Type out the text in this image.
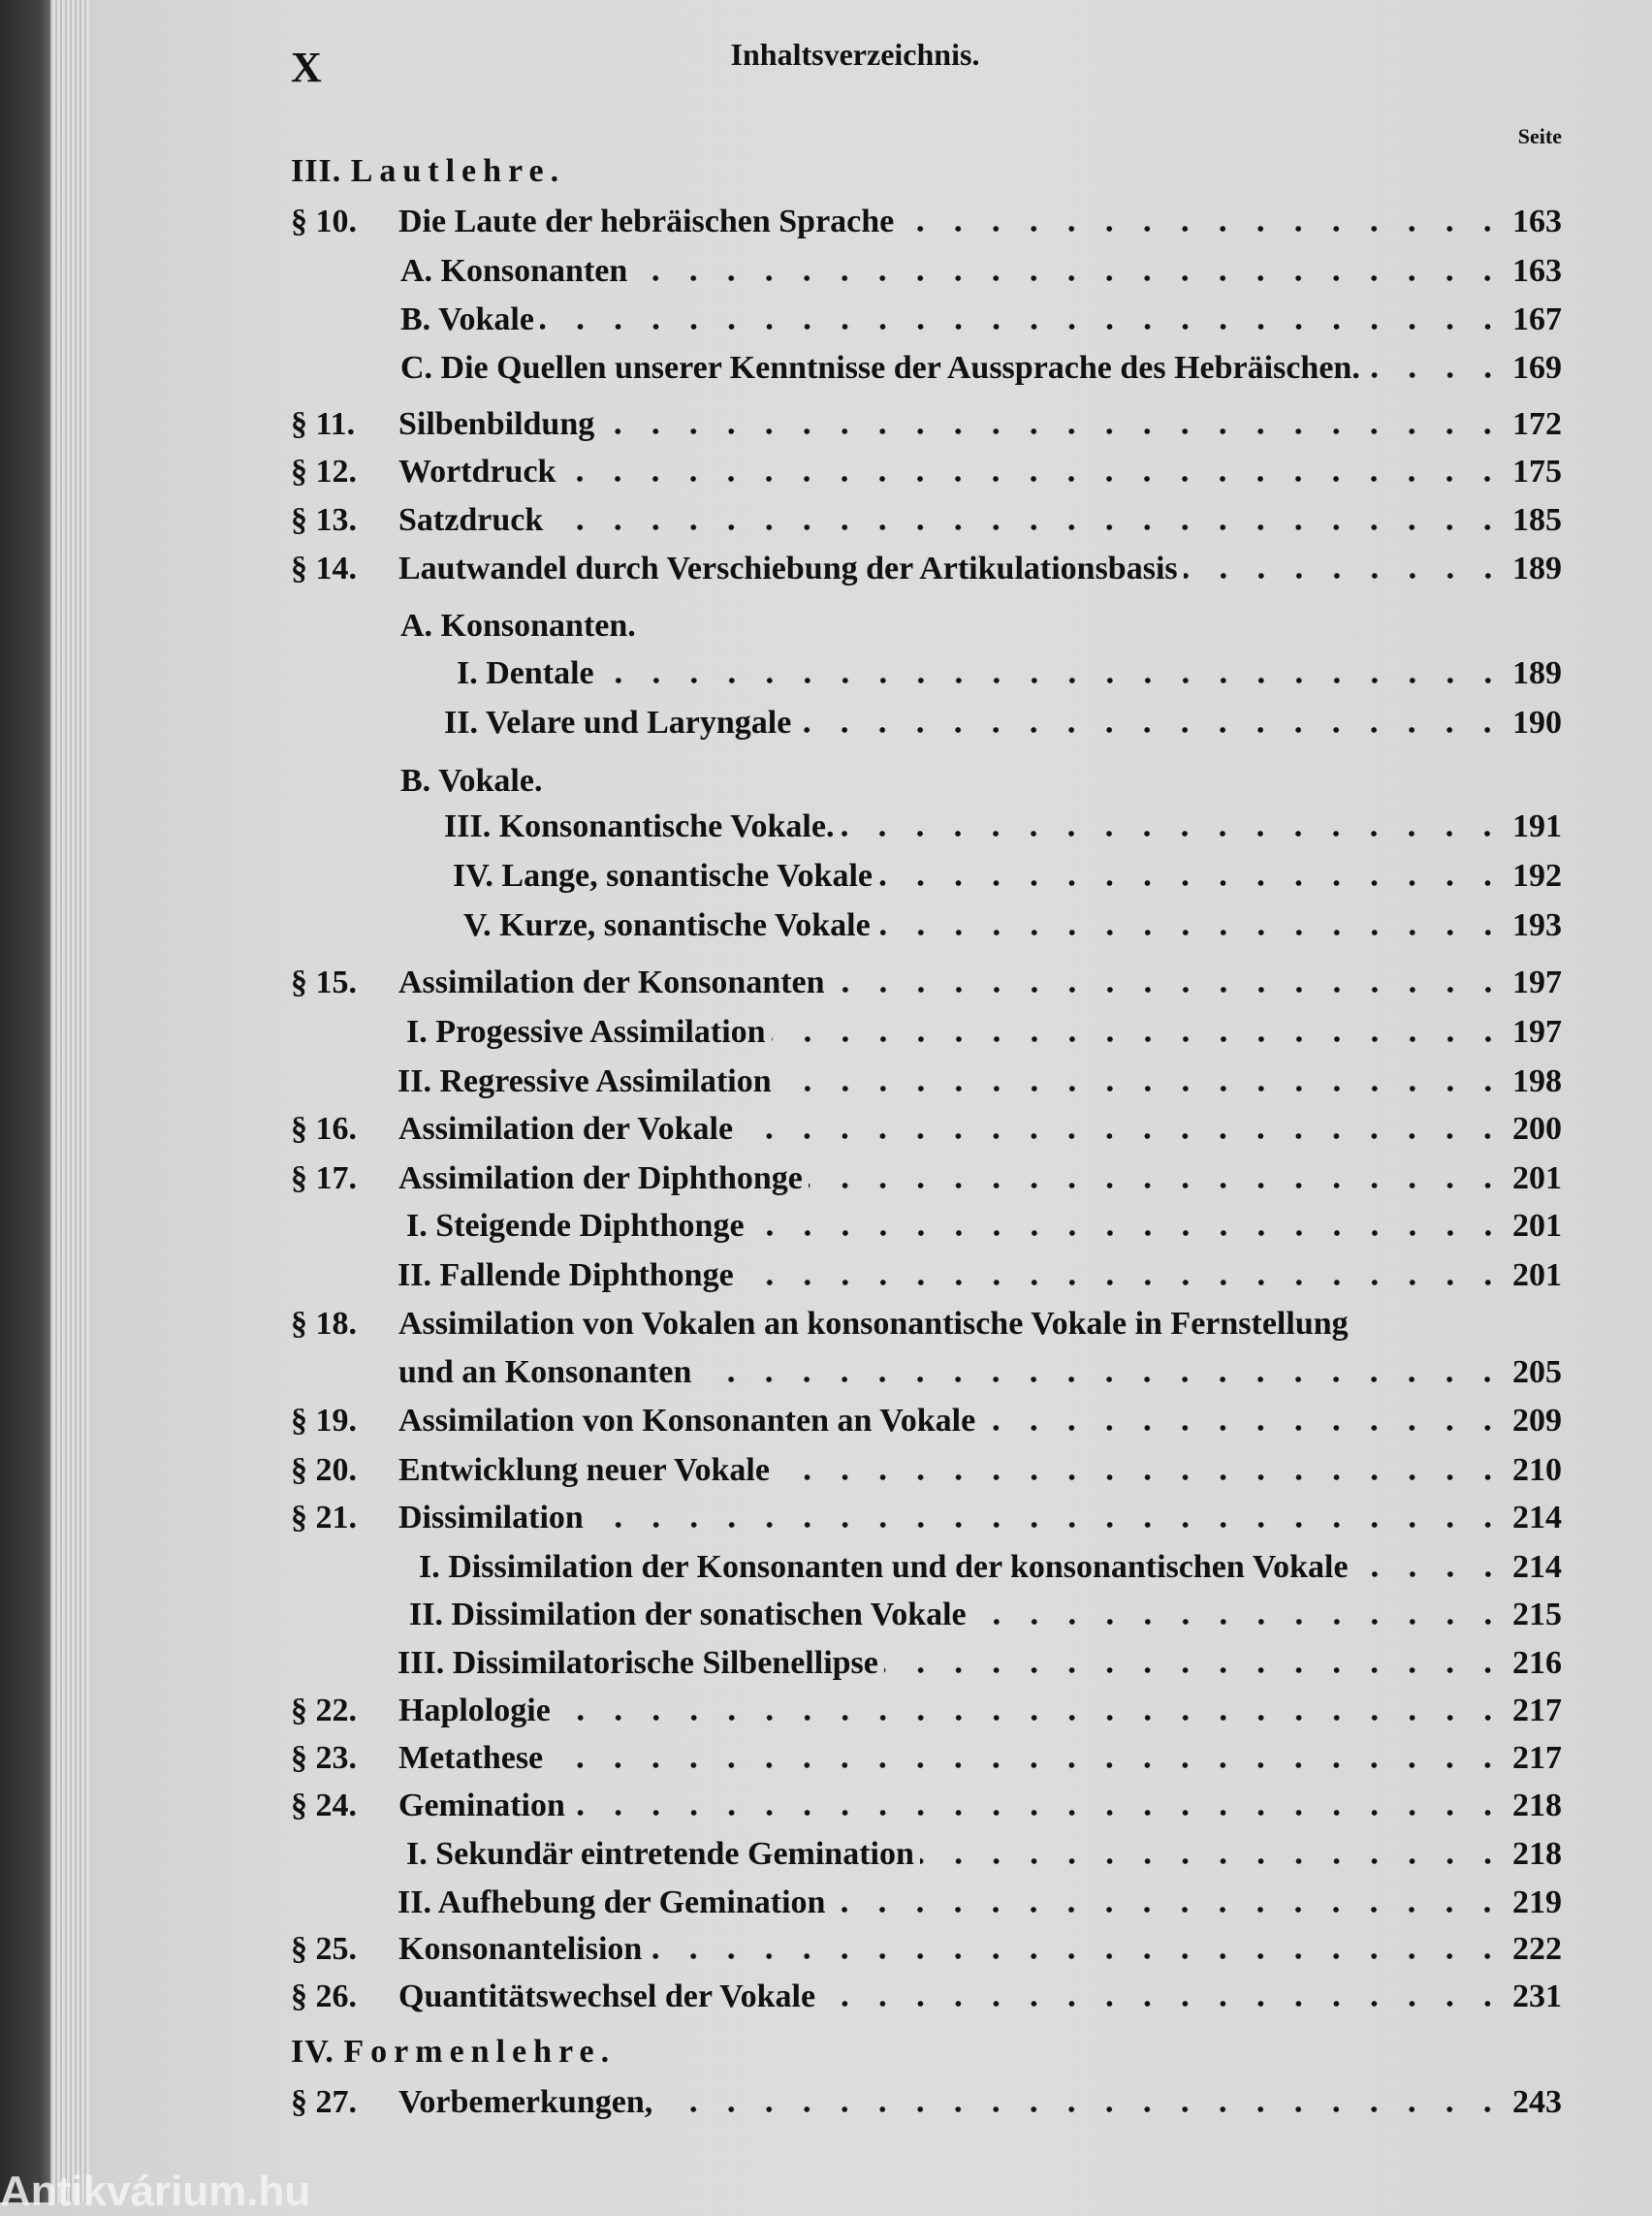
X	Inhaltsverzeichnis.
Seite
III. Lautlehre.
IV. Formenlehre.
§ 10. Die Laute der hebräischen Sprache	163
A. Konsonanten	163
B. Vokale	167
C. Die Quellen unserer Kenntnisse der Aussprache des Hebräischen.	169
§ 11. Silbenbildung	172
§ 12. Wortdruck	175
§ 13. Satzdruck	185
§ 14. Lautwandel durch Verschiebung der Artikulationsbasis	189
A. Konsonanten.
I. Dentale	189
II. Velare und Laryngale	190
B. Vokale.
III. Konsonantische Vokale.	191
IV. Lange, sonantische Vokale	192
V. Kurze, sonantische Vokale	193
§ 15. Assimilation der Konsonanten	197
I. Progessive Assimilation	197
II. Regressive Assimilation	198
§ 16. Assimilation der Vokale	200
§ 17. Assimilation der Diphthonge	201
I. Steigende Diphthonge	201
II. Fallende Diphthonge	201
§ 18. Assimilation von Vokalen an konsonantische Vokale in Fernstellung
und an Konsonanten	205
§ 19. Assimilation von Konsonanten an Vokale	209
§ 20. Entwicklung neuer Vokale	210
§ 21. Dissimilation	214
I. Dissimilation der Konsonanten und der konsonantischen Vokale	214
II. Dissimilation der sonatischen Vokale	215
III. Dissimilatorische Silbenellipse	216
§ 22. Haplologie	217
§ 23. Metathese	217
§ 24. Gemination	218
I. Sekundär eintretende Gemination	218
II. Aufhebung der Gemination	219
§ 25. Konsonantelision	222
§ 26. Quantitätswechsel der Vokale	231
§ 27. Vorbemerkungen,	243
Antikvárium.hu
